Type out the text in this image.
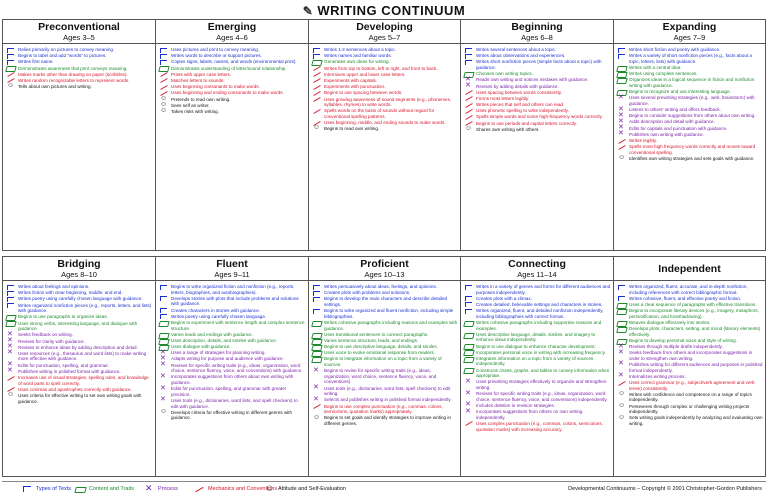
✎ WRITING CONTINUUM
Preconventional
Ages 3–5
Relies primarily on pictures to convey meaning.
Begins to label and add "words" to pictures.
Writes first name.
Demonstrates awareness that print conveys meaning.
Makes marks other than drawing on paper (scribbles).
Writes random recognizable letters to represent words.
☺
Tells about own pictures and writing.
Emerging
Ages 4–6
Uses pictures and print to convey meaning.
Writes words to describe or support pictures.
Copies signs, labels, names, and words (environmental print).
Demonstrates understanding of letter/sound relationship.
Prints with upper case letters.
Matches letters to sounds.
Uses beginning consonants to make words.
Uses beginning and ending consonants to make words.
☺
Pretends to read own writing.
☺
Sees self as writer.
☺
Takes risks with writing.
Developing
Ages 5–7
Writes 1-2 sentences about a topic.
Writes names and familiar words.
Generates own ideas for writing.
Writes from top to bottom, left to right, and front to back.
Intermixes upper and lower case letters.
Experiments with capitals.
Experiments with punctuation.
Begins to use spacing between words.
Uses growing awareness of sound segments (e.g., phonemes, syllables, rhymes) to write words.
Spells words on the basis of sounds without regard for conventional spelling patterns.
Uses beginning, middle, and ending sounds to make words.
☺
Begins to read own writing.
Beginning
Ages 6–8
Writes several sentences about a topic.
Writes about observations and experiences.
Writes short nonfiction pieces (simple facts about a topic) with guidance.
Chooses own writing topics.
✕
Reads own writing and notices mistakes with guidance.
✕
Revises by adding details with guidance.
Uses spacing between words consistently.
Forms most letters legibly.
Writes pieces that self and others can read.
Uses phonetic spelling to write independently.
Spells simple words and some high-frequency words correctly.
Begins to use periods and capital letters correctly.
☺
Shares own writing with others.
Expanding
Ages 7–9
Writes short fiction and poetry with guidance.
Writes a variety of short nonfiction pieces (e.g., facts about a topic, letters, lists) with guidance.
Writes with a central idea.
Writes using complete sentences.
Organizes ideas in a logical sequence in fiction and nonfiction writing with guidance.
Begins to recognize and use interesting language.
✕
Uses several prewriting strategies (e.g., web, brainstorm) with guidance.
✕
Listens to others' writing and offers feedback.
✕
Begins to consider suggestions from others about own writing.
✕
Adds description and detail with guidance.
✕
Edits for capitals and punctuation with guidance.
✕
Publishes own writing with guidance.
Writes legibly.
Spells most high frequency words correctly and moves toward conventional spelling.
☺
Identifies own writing strategies and sets goals with guidance.
Bridging
Ages 8–10
Writes about feelings and opinions.
Writes fiction with clear beginning, middle, and end.
Writes poetry using carefully chosen language with guidance.
Writes organized nonfiction pieces (e.g., reports, letters, and lists) with guidance.
Begins to use paragraphs to organize ideas.
Uses strong verbs, interesting language, and dialogue with guidance.
✕
Seeks feedback on writing.
✕
Revises for clarity with guidance.
✕
Revises to enhance ideas by adding description and detail.
✕
Uses resources (e.g., thesaurus and word lists) to make writing more effective with guidance.
✕
Edits for punctuation, spelling, and grammar.
✕
Publishes writing in polished format with guidance.
Increases use of visual strategies, spelling rules, and knowledge of word parts to spell correctly.
Uses commas and apostrophes correctly with guidance.
☺
Uses criteria for effective writing to set own writing goals with guidance.
Fluent
Ages 9–11
Begins to write organized fiction and nonfiction (e.g., reports, letters, biographies, and autobiographies).
Develops stories with plots that include problems and solutions with guidance.
Creates characters in stories with guidance.
Writes poetry using carefully chosen language.
Begins to experiment with sentence length and complex sentence structure.
Varies leads and endings with guidance.
Uses description, details, and similes with guidance.
Uses dialogue with guidance.
✕
Uses a range of strategies for planning writing.
✕
Adapts writing for purpose and audience with guidance.
✕
Revises for specific writing traits (e.g., ideas, organization, word choice, sentence fluency, voice, and conventions) with guidance.
✕
Incorporates suggestions from others about own writing with guidance.
✕
Edits for punctuation, spelling, and grammar with greater precision.
✕
Uses tools (e.g., dictionaries, word lists, and spell checkers) to edit with guidance.
☺
Develops criteria for effective writing in different genres with guidance.
Proficient
Ages 10–13
Writes persuasively about ideas, feelings, and opinions.
Creates plots with problems and solutions.
Begins to develop the main characters and describe detailed settings.
Begins to write organized and fluent nonfiction, including simple bibliographies.
Writes cohesive paragraphs including reasons and examples with guidance.
Uses transitional sentences to connect paragraphs.
Varies sentence structure, leads, and endings.
Begins to use descriptive language, details, and similes.
Uses voice to evoke emotional response from readers.
Begins to integrate information on a topic from a variety of sources.
✕
Begins to revise for specific writing traits (e.g., ideas, organization, word choice, sentence fluency, voice, and conventions).
✕
Uses tools (e.g., dictionaries, word lists, spell checkers) to edit writing.
✕
Selects and publishes writing in polished format independently.
Begins to use complex punctuation (e.g., commas, colons, semicolons, quotation marks) appropriately.
☺
Begins to set goals and identify strategies to improve writing in different genres.
Connecting
Ages 11–14
Writes in a variety of genres and forms for different audiences and purposes independently.
Creates plots with a climax.
Creates detailed, believable settings and characters in stories.
Writes organized, fluent, and detailed nonfiction independently, including bibliographies with correct format.
Writes cohesive paragraphs including supportive reasons and examples.
Uses descriptive language, details, similes, and imagery to enhance ideas independently.
Begins to use dialogue to enhance character development.
Incorporates personal voice in writing with increasing frequency.
Integrates information on a topic from a variety of sources independently.
Constructs charts, graphs, and tables to convey information when appropriate.
✕
Uses prewriting strategies effectively to organize and strengthen writing.
✕
Revises for specific writing traits (e.g., ideas, organization, word choice, sentence fluency, voice, and conventions) independently.
✕
Includes deletion in revision strategies.
✕
Incorporates suggestions from others on own writing independently.
Uses complex punctuation (e.g., commas, colons, semicolons, quotation marks) with increasing accuracy.
Independent
Writes organized, fluent, accurate, and in-depth nonfiction, including references with correct bibliographic format.
Writes cohesive, fluent, and effective poetry and fiction.
Uses a clear sequence of paragraphs with effective transitions.
Begins to incorporate literary devices (e.g., imagery, metaphors, personification, and foreshadowing).
Weaves dialogue effectively into stories.
Develops plots, characters, setting, and mood (literary elements) effectively.
Begins to develop personal voice and style of writing.
✕
Revises through multiple drafts independently.
✕
Seeks feedback from others and incorporates suggestions in order to strengthen own writing.
✕
Publishes writing for different audiences and purposes in polished format independently.
✕
Internalizes writing process.
Uses correct grammar (e.g., subject/verb agreement and verb tense) consistently.
☺
Writes with confidence and competence on a range of topics independently.
☺
Perseveres through complex or challenging writing projects independently.
☺
Sets writing goals independently by analyzing and evaluating own writing.
Types of Texts	Content and Traits ✕	Process	Mechanics and Conventions ☺ Attitude and Self-Evaluation	Developmental Continuums – Copyright © 2001 Christopher-Gordon Publishers
